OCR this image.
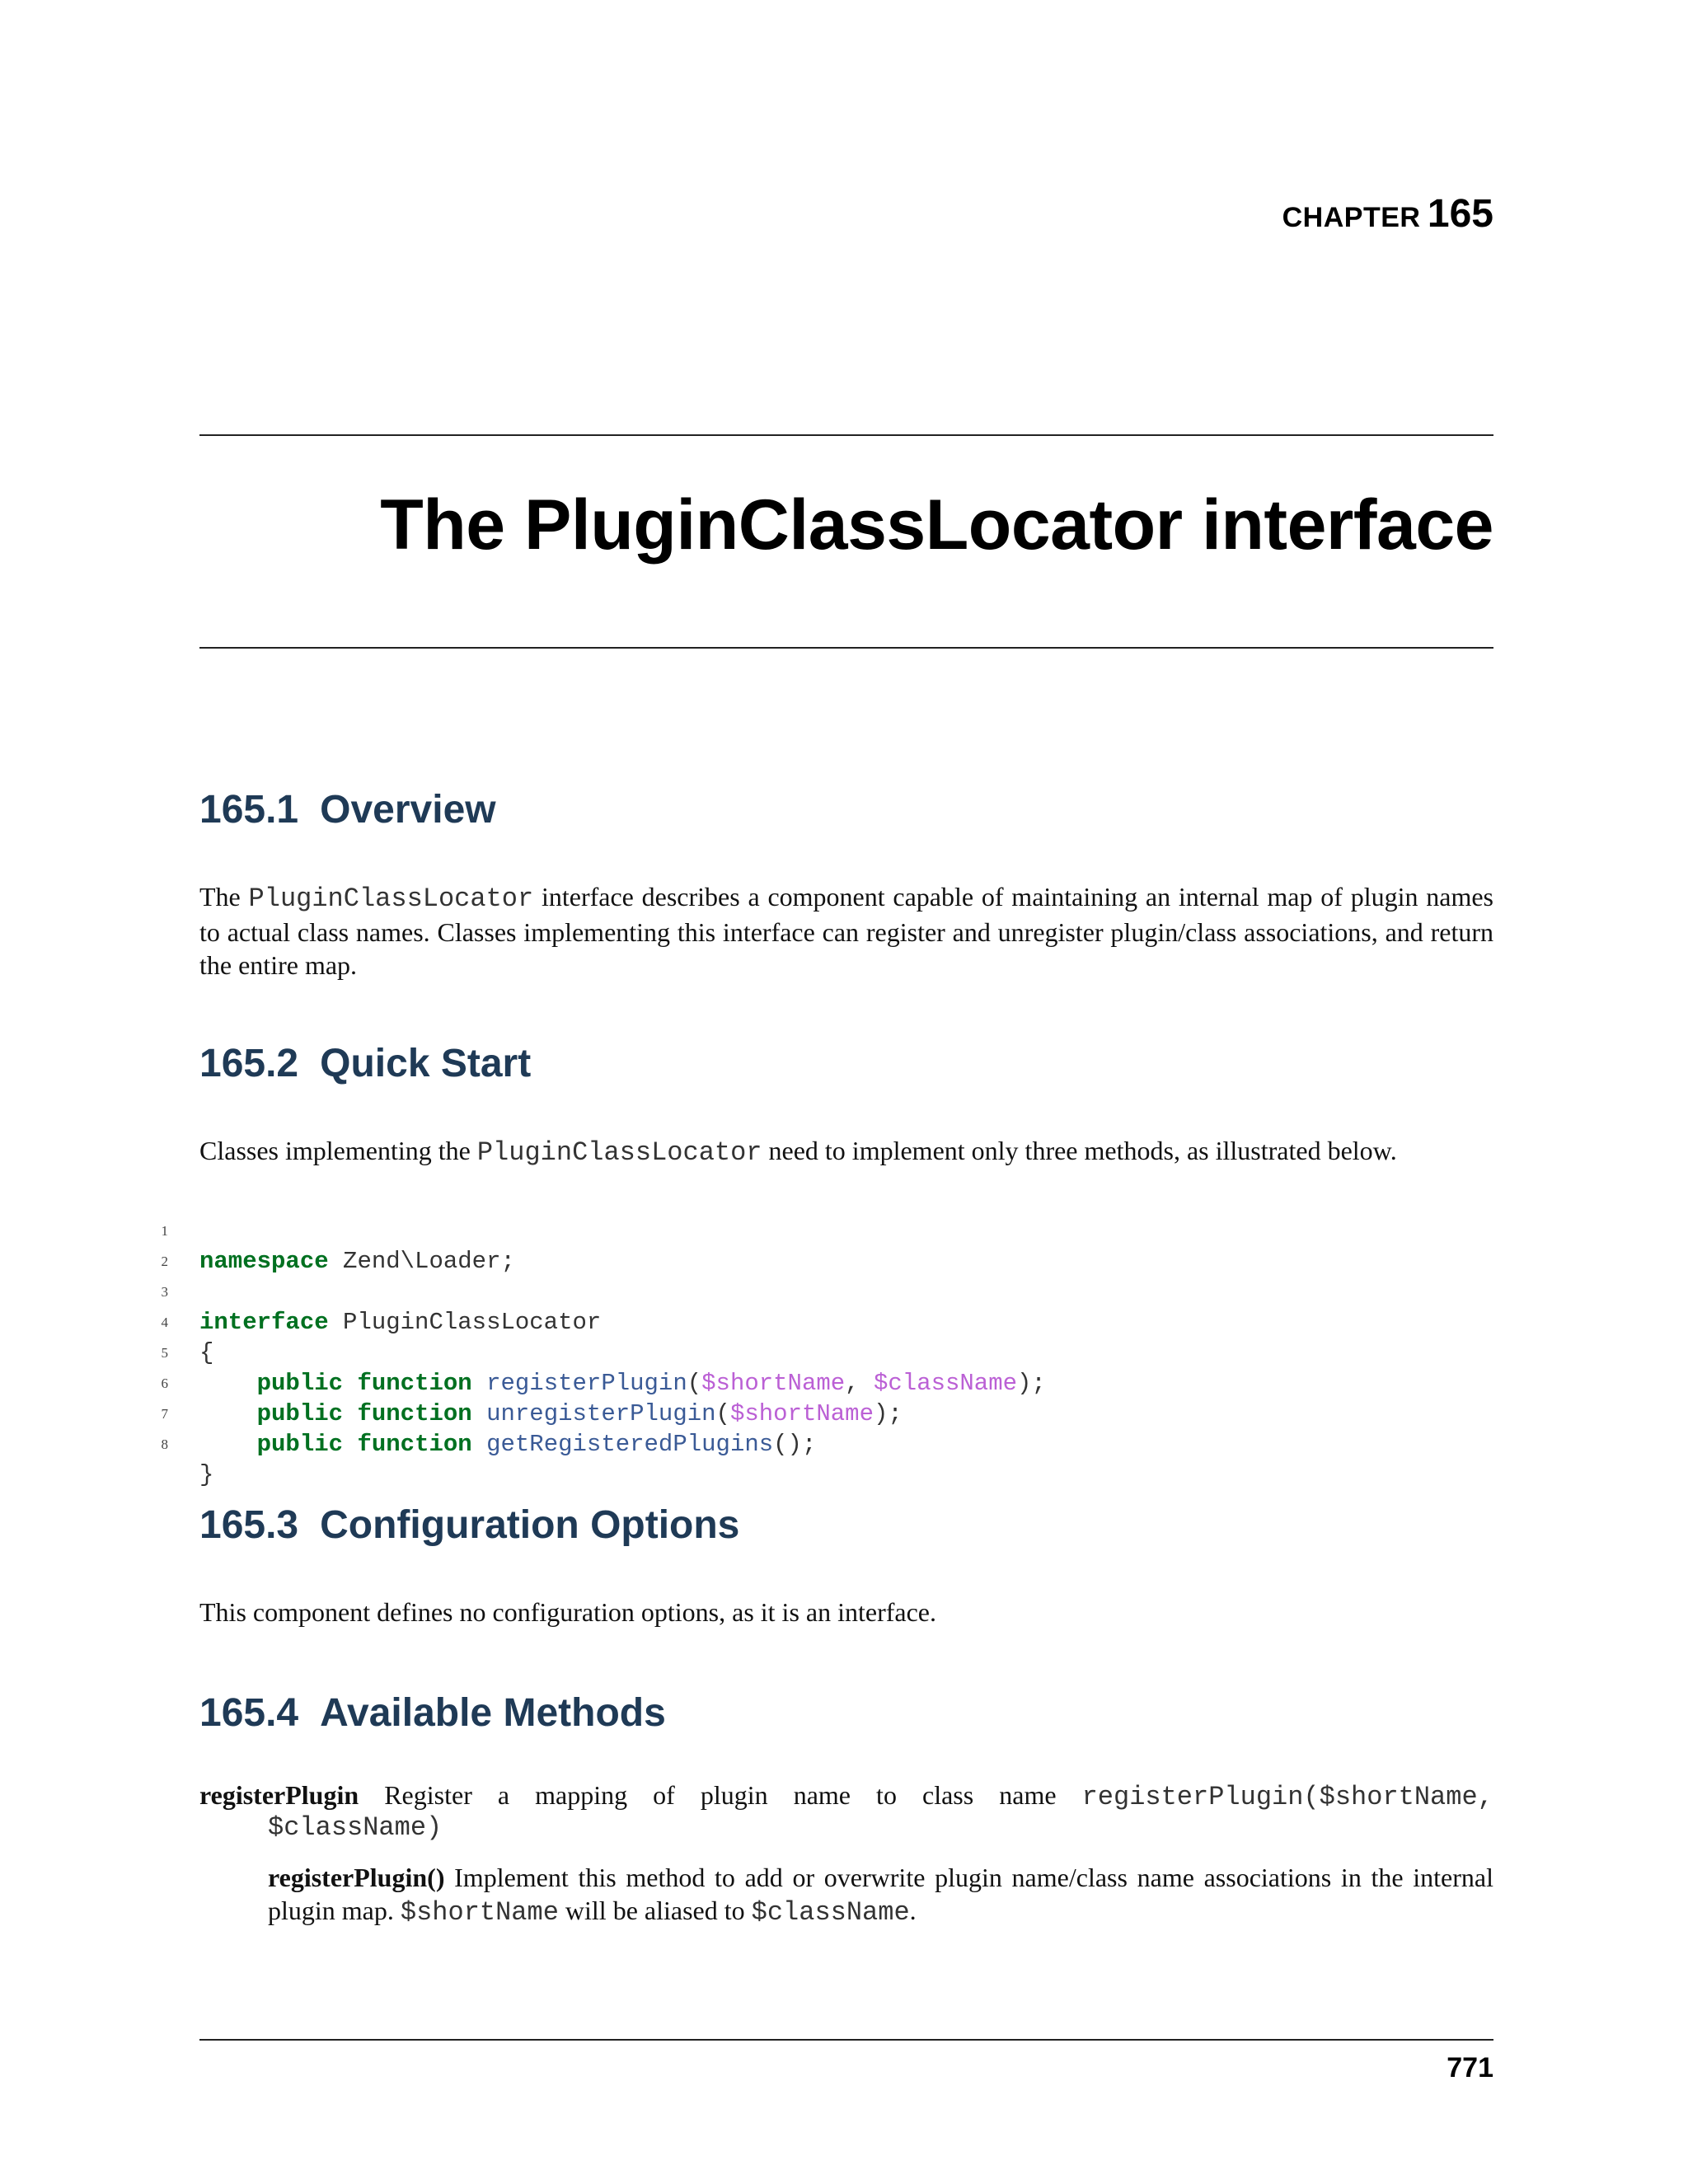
CHAPTER 165
The PluginClassLocator interface
165.1 Overview

The PluginClassLocator interface describes a component capable of maintaining an internal map of plugin names to actual class names. Classes implementing this interface can register and unregister plugin/class associations, and return the entire map.

165.2 Quick Start

Classes implementing the PluginClassLocator need to implement only three methods, as illustrated below.

1

namespace Zend\Loader;

2

3

interface PluginClassLocator

4

{

5

public function registerPlugin($shortName, $className);

6

public function unregisterPlugin($shortName);

7

public function getRegisteredPlugins();

8

}

165.3 Configuration Options

This component defines no configuration options, as it is an interface.

165.4 Available Methods
registerPlugin Register a mapping of plugin name to class name registerPlugin($shortName,
$className)

registerPlugin() Implement this method to add or overwrite plugin name/class name associations in the internal plugin map. $shortName will be aliased to $className.

771
